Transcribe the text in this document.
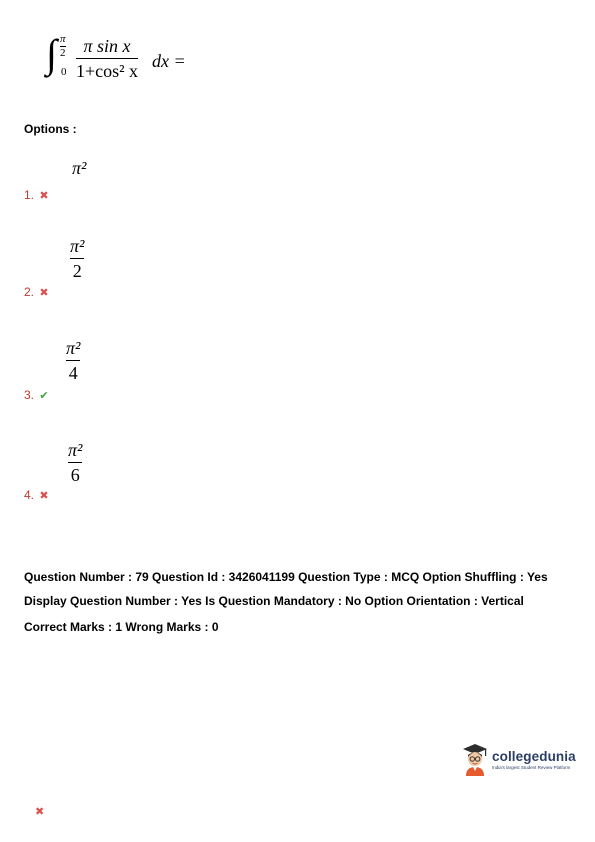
∫ π
2
0
π sin x
1+cos² x dx =
Options :
π²
1. ✖
π²
2
2. ✖
π²
4
3. ✔
π²
6
4. ✖
Question Number : 79 Question Id : 3426041199 Question Type : MCQ Option Shuffling : Yes
Display Question Number : Yes Is Question Mandatory : No Option Orientation : Vertical
Correct Marks : 1 Wrong Marks : 0
collegedunia
India's largest Student Review Platform
✖
